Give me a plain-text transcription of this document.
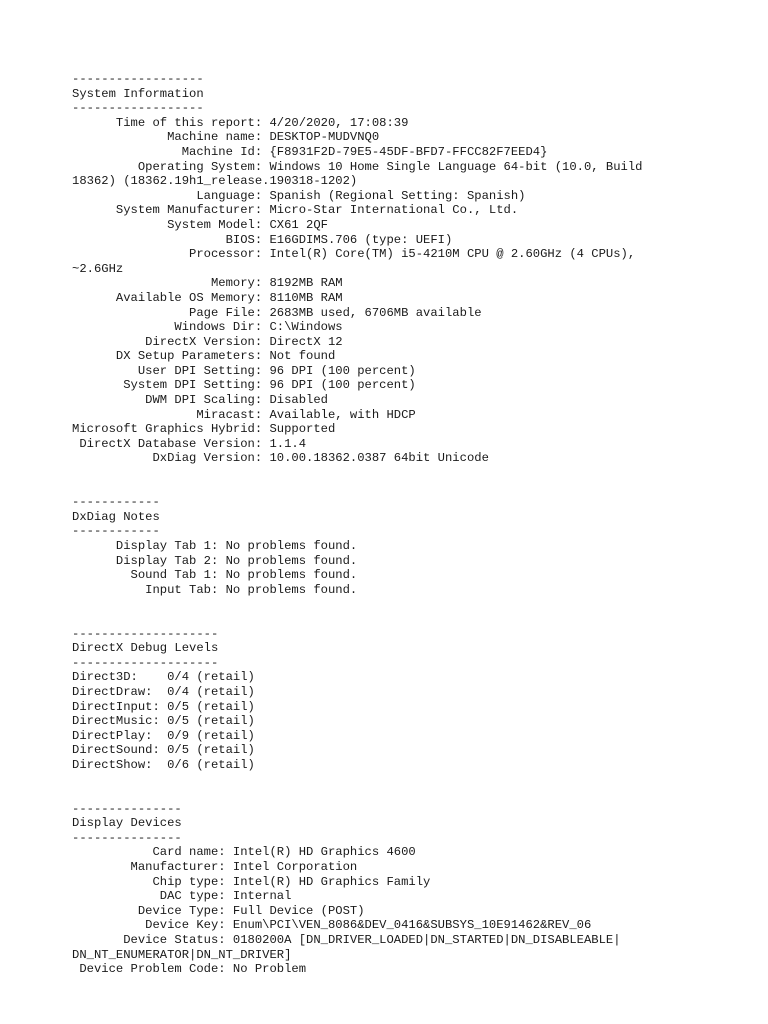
------------------
System Information
------------------
Time of this report: 4/20/2020, 17:08:39
Machine name: DESKTOP-MUDVNQ0
Machine Id: {F8931F2D-79E5-45DF-BFD7-FFCC82F7EED4}
Operating System: Windows 10 Home Single Language 64-bit (10.0, Build
18362) (18362.19h1_release.190318-1202)
Language: Spanish (Regional Setting: Spanish)
System Manufacturer: Micro-Star International Co., Ltd.
System Model: CX61 2QF
BIOS: E16GDIMS.706 (type: UEFI)
Processor: Intel(R) Core(TM) i5-4210M CPU @ 2.60GHz (4 CPUs),
~2.6GHz
Memory: 8192MB RAM
Available OS Memory: 8110MB RAM
Page File: 2683MB used, 6706MB available
Windows Dir: C:\Windows
DirectX Version: DirectX 12
DX Setup Parameters: Not found
User DPI Setting: 96 DPI (100 percent)
System DPI Setting: 96 DPI (100 percent)
DWM DPI Scaling: Disabled
Miracast: Available, with HDCP
Microsoft Graphics Hybrid: Supported
DirectX Database Version: 1.1.4
DxDiag Version: 10.00.18362.0387 64bit Unicode
------------
DxDiag Notes
------------
Display Tab 1: No problems found.
Display Tab 2: No problems found.
Sound Tab 1: No problems found.
Input Tab: No problems found.
--------------------
DirectX Debug Levels
--------------------
Direct3D:    0/4 (retail)
DirectDraw:  0/4 (retail)
DirectInput: 0/5 (retail)
DirectMusic: 0/5 (retail)
DirectPlay:  0/9 (retail)
DirectSound: 0/5 (retail)
DirectShow:  0/6 (retail)
---------------
Display Devices
---------------
Card name: Intel(R) HD Graphics 4600
Manufacturer: Intel Corporation
Chip type: Intel(R) HD Graphics Family
DAC type: Internal
Device Type: Full Device (POST)
Device Key: Enum\PCI\VEN_8086&DEV_0416&SUBSYS_10E91462&REV_06
Device Status: 0180200A [DN_DRIVER_LOADED|DN_STARTED|DN_DISABLEABLE|
DN_NT_ENUMERATOR|DN_NT_DRIVER]
Device Problem Code: No Problem
